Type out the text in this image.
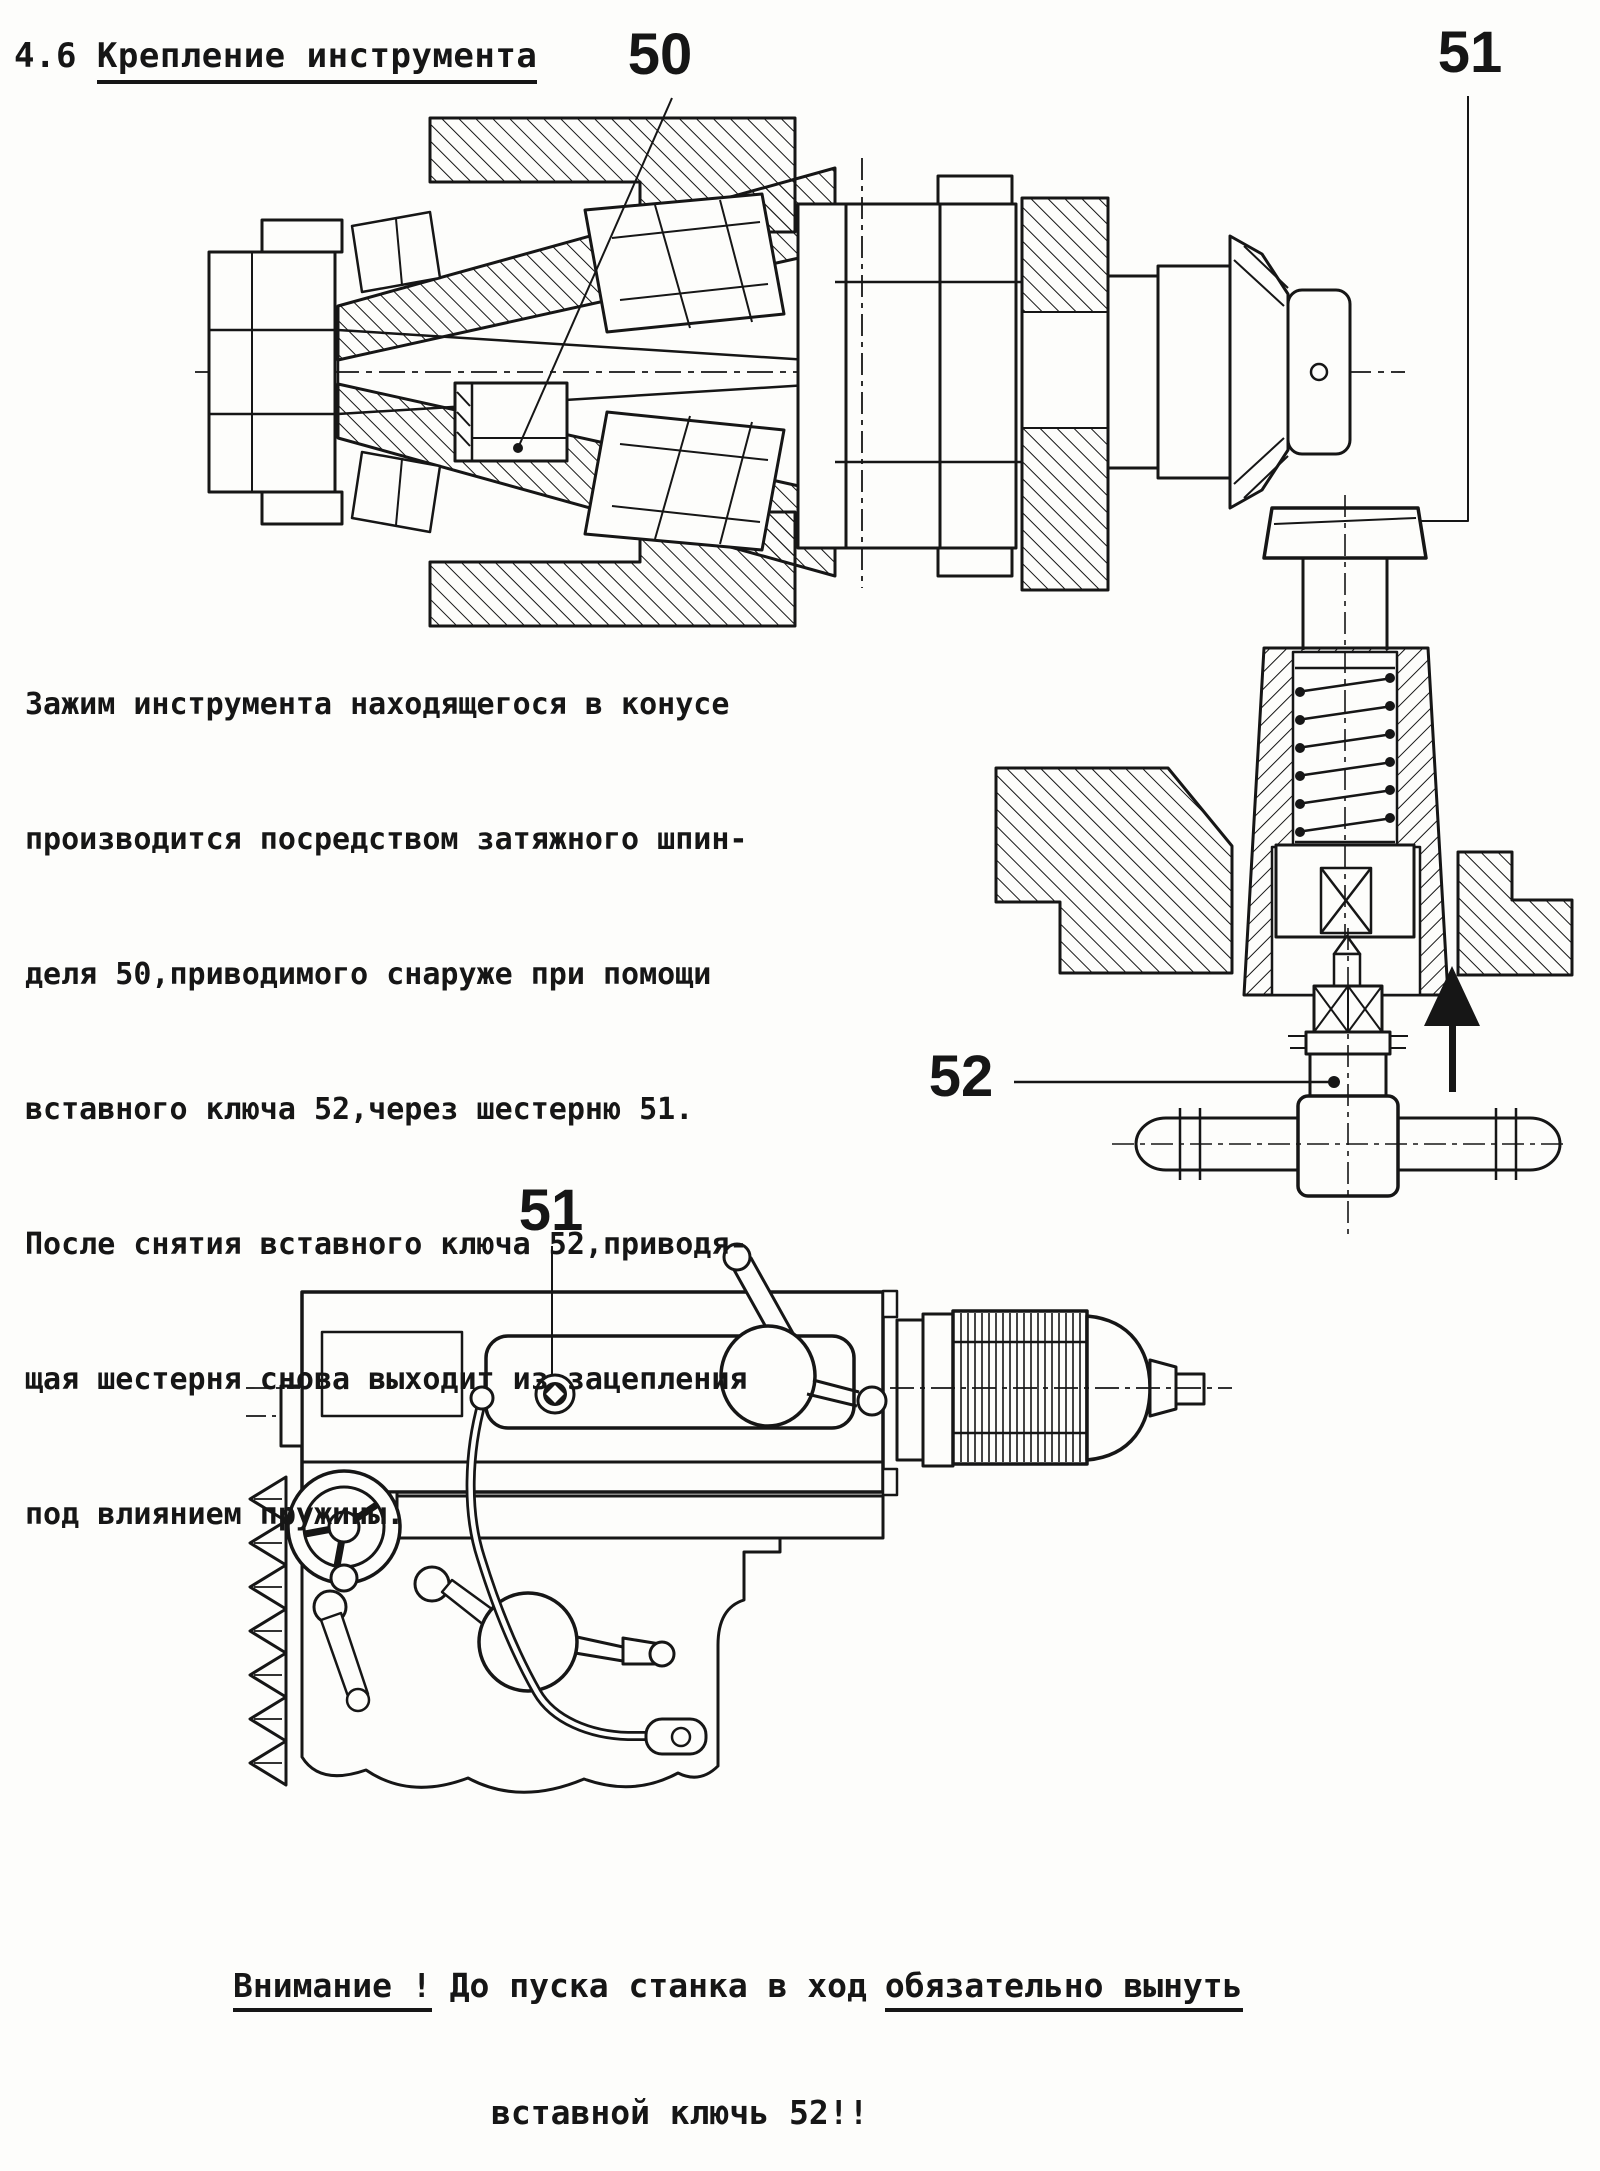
4.6 Крепление инструмента 50	51
52
51

Зажим инструмента находящегося в конусе

производится посредством затяжного шпин-

деля 50,приводимого снаруже при помощи

вставного ключа 52,через шестерню 51.

После снятия вставного ключа 52,приводя-

щая шестерня снова выходит из зацепления

под влиянием пружины.

Внимание ! До пуска станка в ход обязательно вынуть

вставной ключь 52!!
